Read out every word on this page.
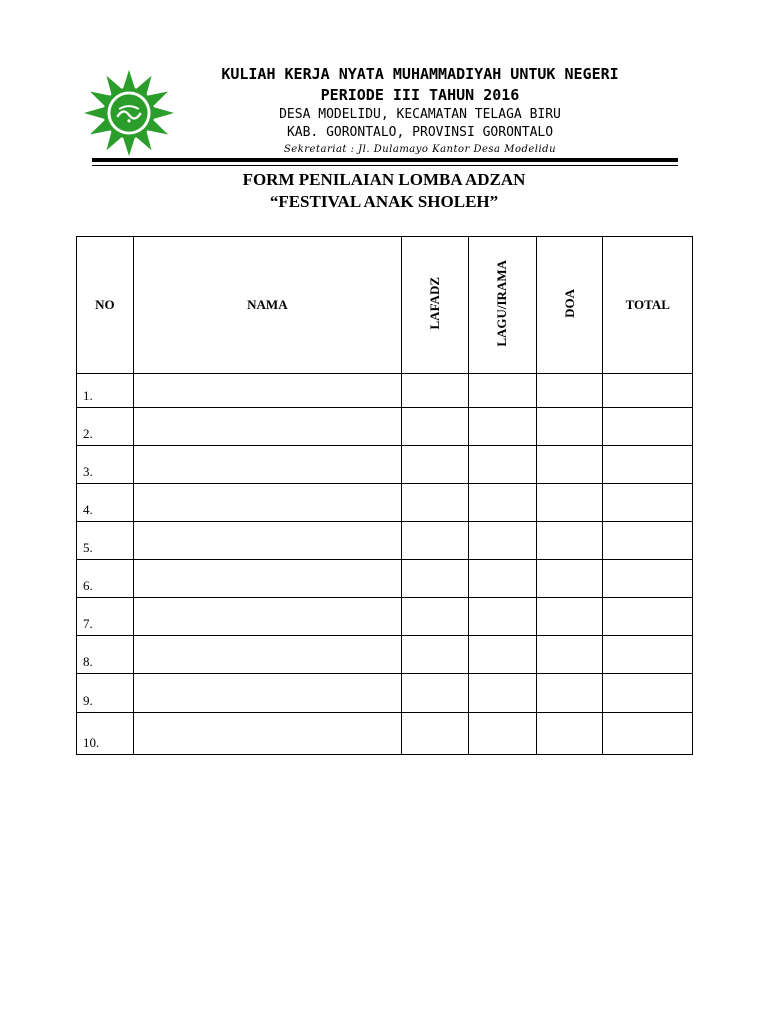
KULIAH KERJA NYATA MUHAMMADIYAH UNTUK NEGERI
PERIODE III TAHUN 2016
DESA MODELIDU, KECAMATAN TELAGA BIRU
KAB. GORONTALO, PROVINSI GORONTALO
Sekretariat : Jl. Dulamayo Kantor Desa Modelidu
FORM PENILAIAN LOMBA ADZAN
“FESTIVAL ANAK SHOLEH”
NO	NAMA	LAFADZ	LAGU/IRAMA	DOA	TOTAL
1.					
2.					
3.					
4.					
5.					
6.					
7.					
8.					
9.					
10.					
